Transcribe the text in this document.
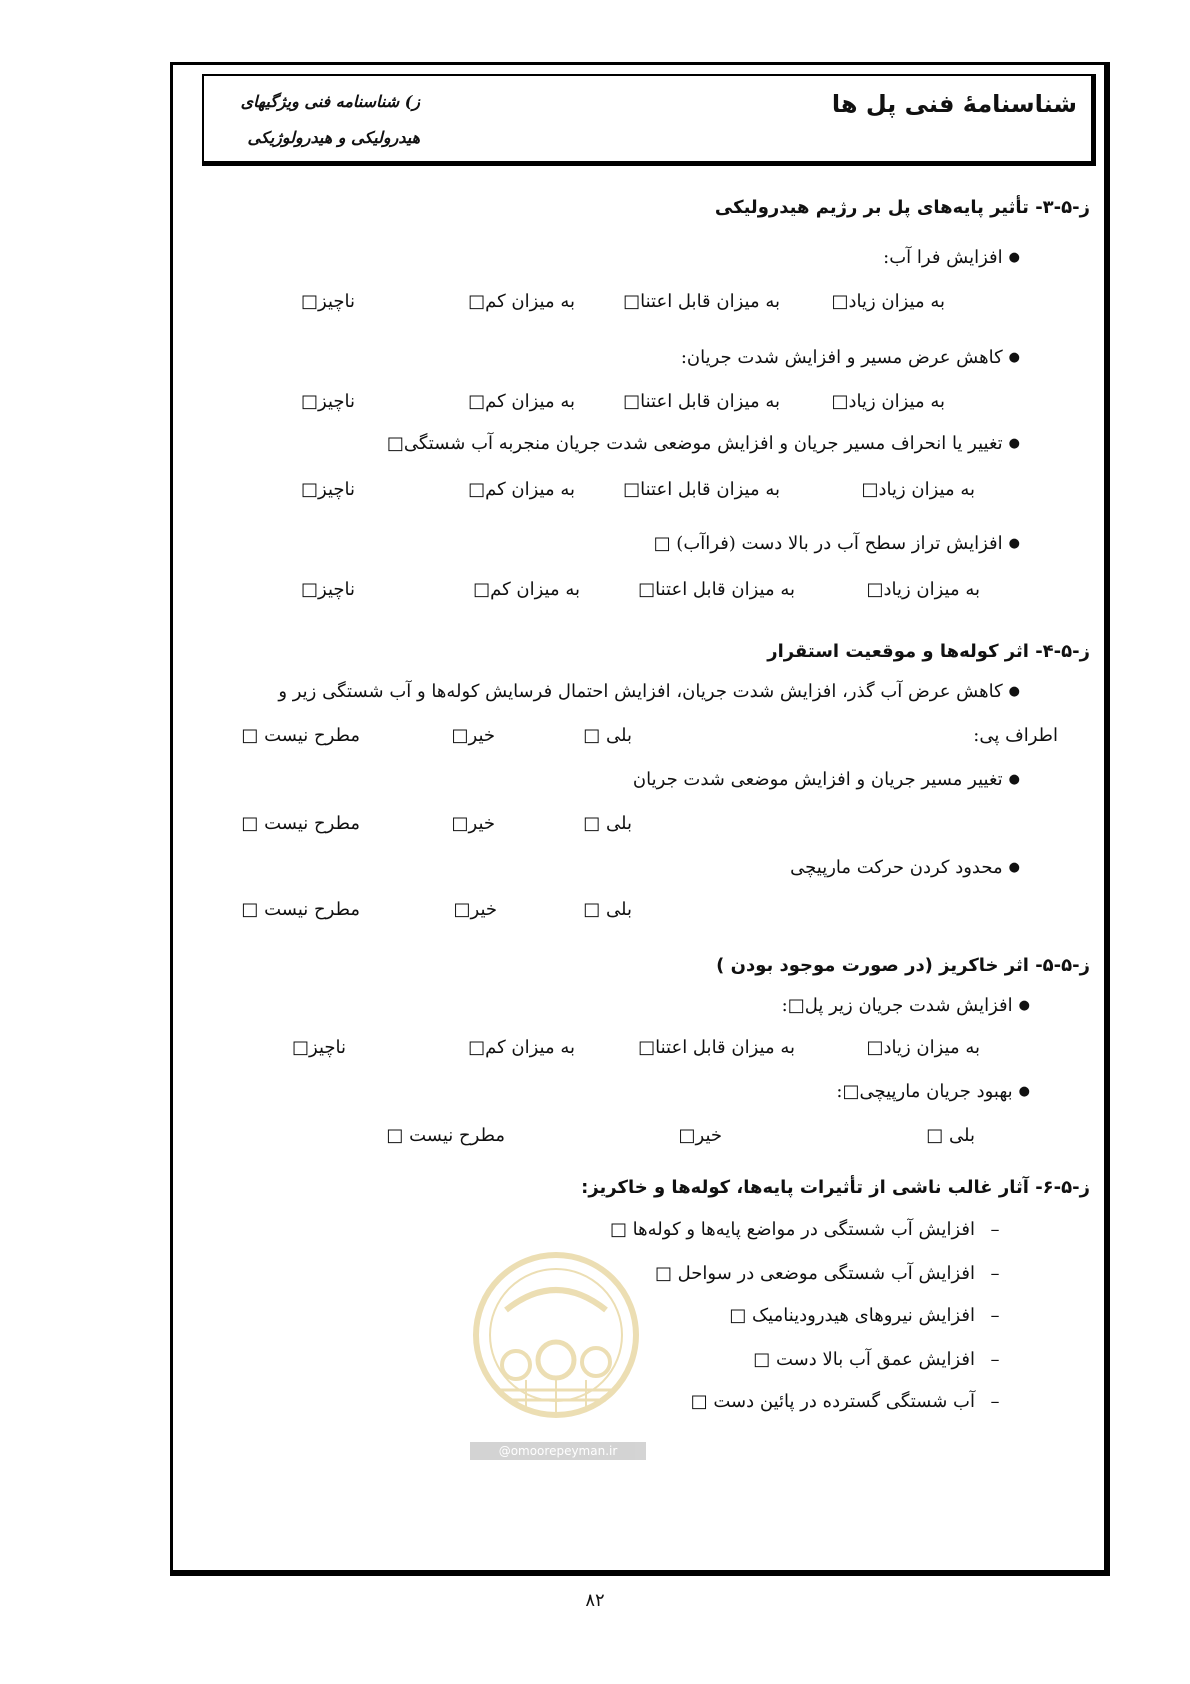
شناسنامهٔ فنی پل ها
ز) شناسنامه فنی ویژگیهای
هیدرولیکی و هیدرولوژیکی
ز-۵-۳- تأثیر پایه‌های پل بر رژیم هیدرولیکی
● افزایش فرا آب:
به میزان زیاد□
به میزان قابل اعتنا□
به میزان کم□
ناچیز□
● کاهش عرض مسیر و افزایش شدت جریان:
به میزان زیاد□
به میزان قابل اعتنا□
به میزان کم□
ناچیز□
● تغییر یا انحراف مسیر جریان و افزایش موضعی شدت جریان منجربه آب شستگی□
به میزان زیاد□
به میزان قابل اعتنا□
به میزان کم□
ناچیز□
● افزایش تراز سطح آب در بالا دست (فراآب) □
به میزان زیاد□
به میزان قابل اعتنا□
به میزان کم□
ناچیز□
ز-۵-۴- اثر کوله‌ها و موقعیت استقرار
● کاهش عرض آب گذر، افزایش شدت جریان، افزایش احتمال فرسایش کوله‌ها و آب شستگی زیر و
اطراف پی:
بلی □
خیر□
مطرح نیست □
● تغییر مسیر جریان و افزایش موضعی شدت جریان
بلی □
خیر□
مطرح نیست □
● محدود کردن حرکت مارپیچی
بلی □
خیر□
مطرح نیست □
ز-۵-۵- اثر خاکریز (در صورت موجود بودن )
● افزایش شدت جریان زیر پل□:
به میزان زیاد□
به میزان قابل اعتنا□
به میزان کم□
ناچیز□
● بهبود جریان مارپیچی□:
بلی □
خیر□
مطرح نیست □
ز-۵-۶- آثار غالب ناشی از تأثیرات پایه‌ها، کوله‌ها و خاکریز:
– افزایش آب شستگی در مواضع پایه‌ها و کوله‌ها □
– افزایش آب شستگی موضعی در سواحل □
– افزایش نیروهای هیدرودینامیک □
– افزایش عمق آب بالا دست □
– آب شستگی گسترده در پائین دست □
@omoorepeyman.ir
۸۲
